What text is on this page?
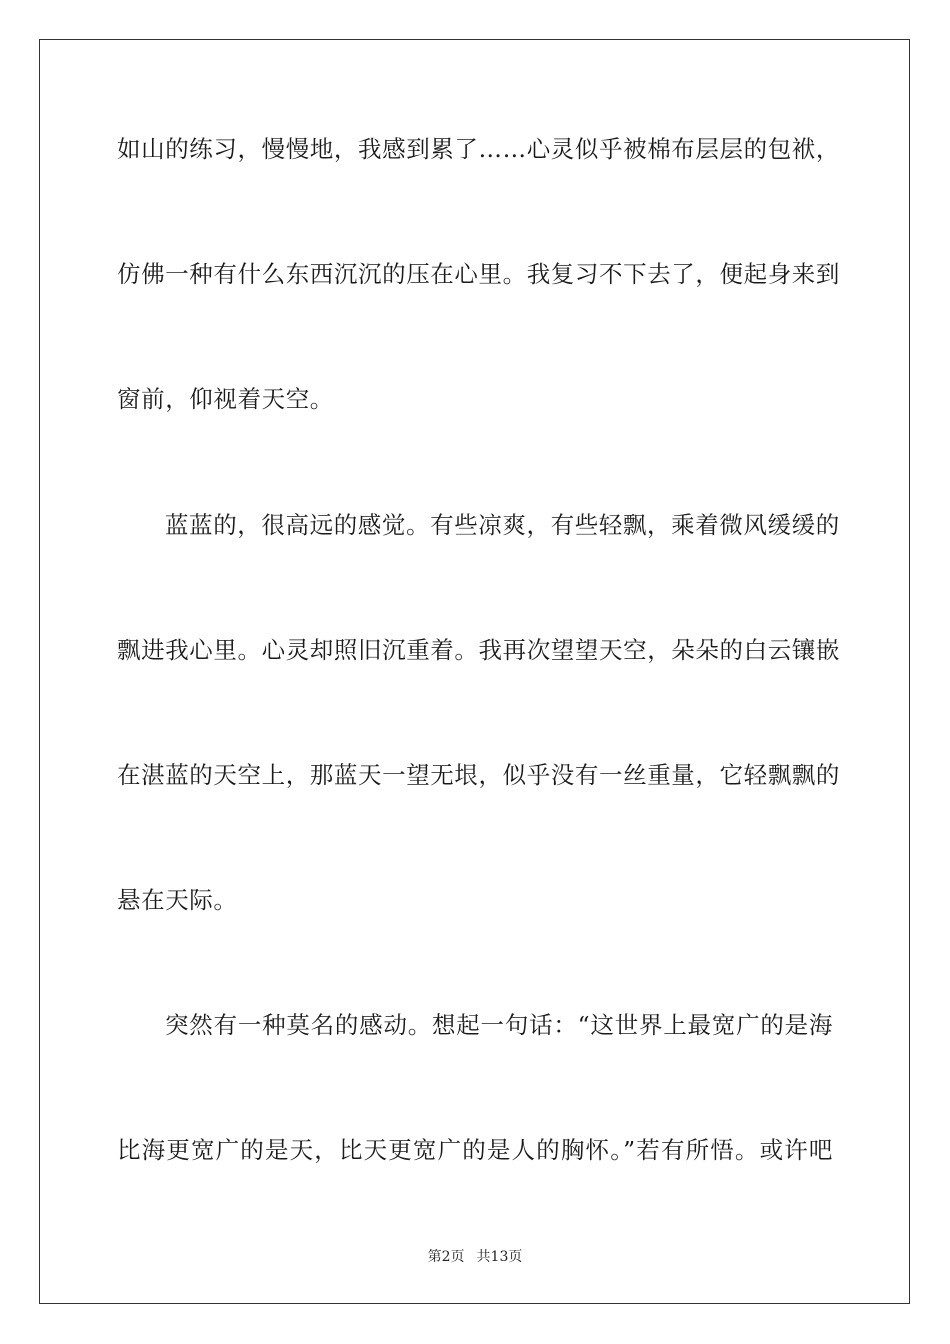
如山的练习，慢慢地，我感到累了……心灵似乎被棉布层层的包袱，
仿佛一种有什么东西沉沉的压在心里。我复习不下去了，便起身来到
窗前，仰视着天空。
蓝蓝的，很高远的感觉。有些凉爽，有些轻飘，乘着微风缓缓的
飘进我心里。心灵却照旧沉重着。我再次望望天空，朵朵的白云镶嵌
在湛蓝的天空上，那蓝天一望无垠，似乎没有一丝重量，它轻飘飘的
悬在天际。
突然有一种莫名的感动。想起一句话：“这世界上最宽广的是海
比海更宽广的是天，比天更宽广的是人的胸怀。”若有所悟。或许吧
第2页 共13页
